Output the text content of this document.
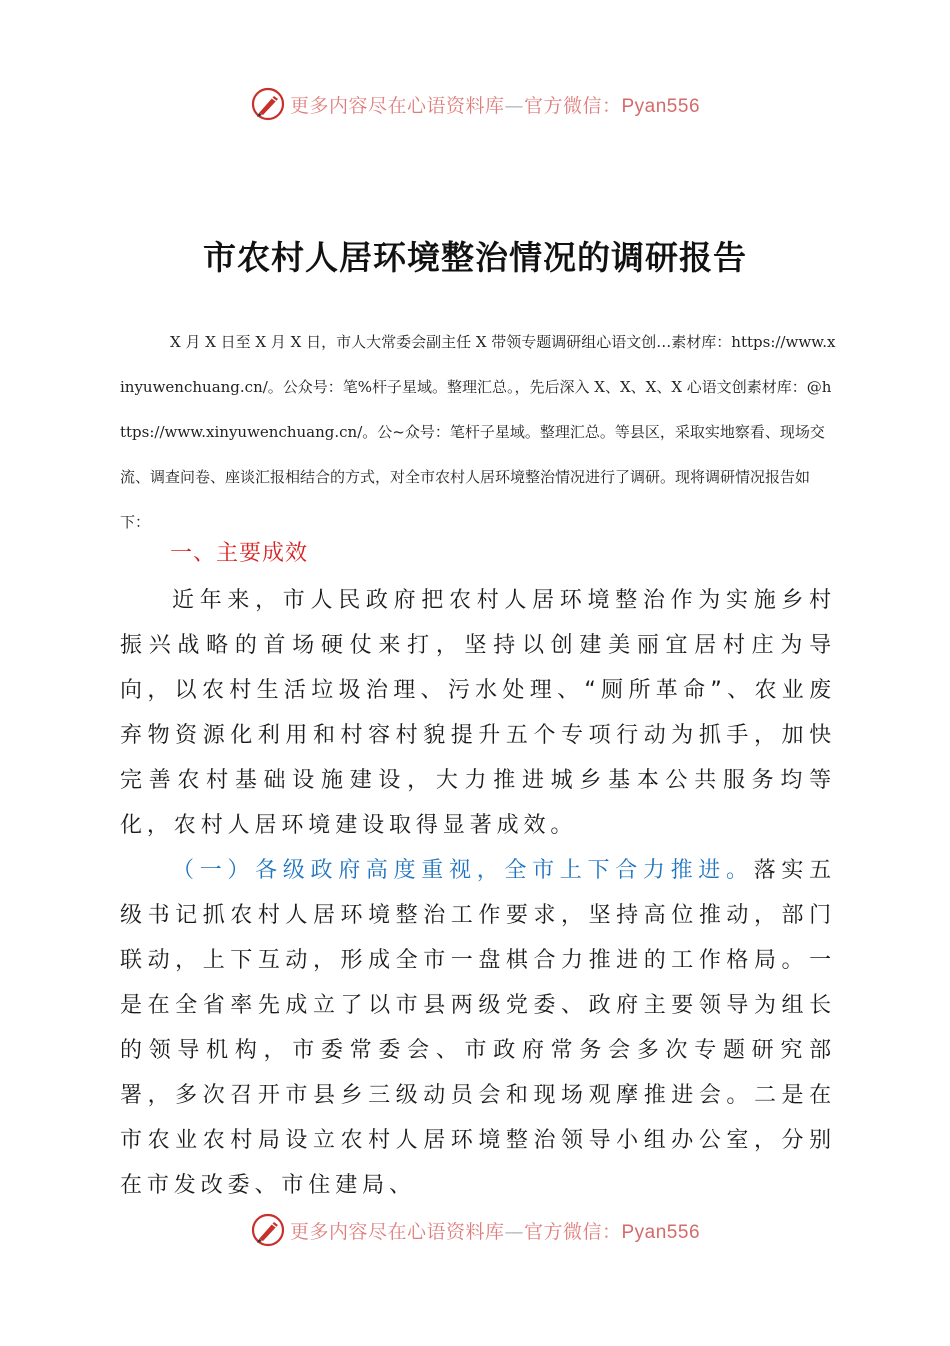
更多内容尽在心语资料库—官方微信：Pyan556
市农村人居环境整治情况的调研报告

X 月 X 日至 X 月 X 日，市人大常委会副主任 X 带领专题调研组心语文创…素材库：https://www.xinyuwenchuang.cn/。公众号：笔%杆子星域。整理汇总。，先后深入 X、X、X、X 心语文创素材库：@https://www.xinyuwenchuang.cn/。公~众号：笔杆子星域。整理汇总。等县区，采取实地察看、现场交流、调查问卷、座谈汇报相结合的方式，对全市农村人居环境整治情况进行了调研。现将调研情况报告如下：

一、主要成效

近年来，市人民政府把农村人居环境整治作为实施乡村振兴战略的首场硬仗来打，坚持以创建美丽宜居村庄为导向，以农村生活垃圾治理、污水处理、“厕所革命”、农业废弃物资源化利用和村容村貌提升五个专项行动为抓手，加快完善农村基础设施建设，大力推进城乡基本公共服务均等化，农村人居环境建设取得显著成效。

（一）各级政府高度重视，全市上下合力推进。落实五级书记抓农村人居环境整治工作要求，坚持高位推动，部门联动，上下互动，形成全市一盘棋合力推进的工作格局。一是在全省率先成立了以市县两级党委、政府主要领导为组长的领导机构，市委常委会、市政府常务会多次专题研究部署，多次召开市县乡三级动员会和现场观摩推进会。二是在市农业农村局设立农村人居环境整治领导小组办公室，分别在市发改委、市住建局、

更多内容尽在心语资料库—官方微信：Pyan556
